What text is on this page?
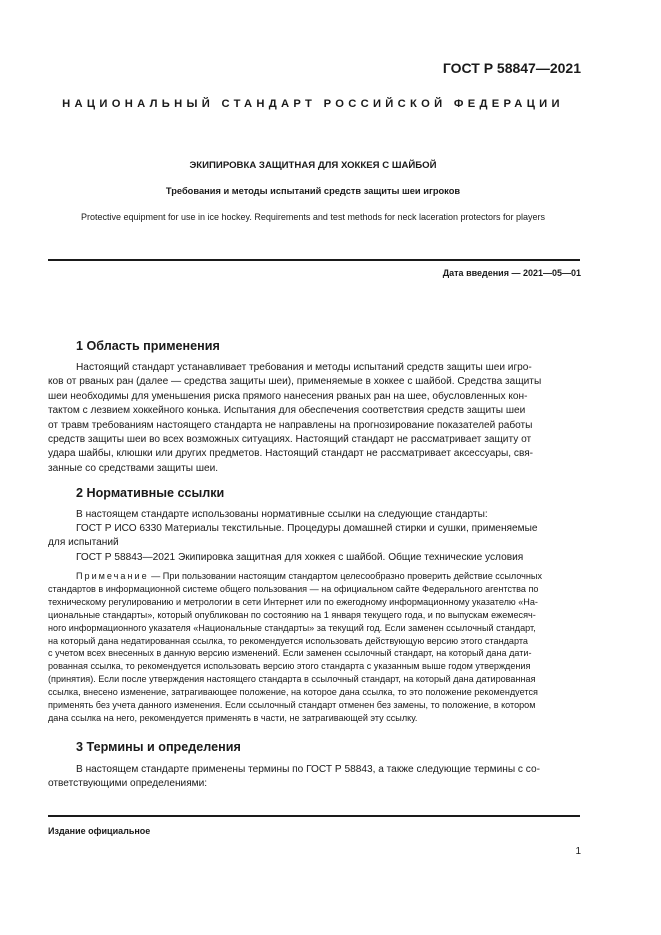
ГОСТ Р 58847—2021
НАЦИОНАЛЬНЫЙ СТАНДАРТ РОССИЙСКОЙ ФЕДЕРАЦИИ
ЭКИПИРОВКА ЗАЩИТНАЯ ДЛЯ ХОККЕЯ С ШАЙБОЙ
Требования и методы испытаний средств защиты шеи игроков
Protective equipment for use in ice hockey. Requirements and test methods for neck laceration protectors for players
Дата введения — 2021—05—01
1 Область применения
Настоящий стандарт устанавливает требования и методы испытаний средств защиты шеи игро-
ков от рваных ран (далее — средства защиты шеи), применяемые в хоккее с шайбой. Средства защиты
шеи необходимы для уменьшения риска прямого нанесения рваных ран на шее, обусловленных кон-
тактом с лезвием хоккейного конька. Испытания для обеспечения соответствия средств защиты шеи
от травм требованиям настоящего стандарта не направлены на прогнозирование показателей работы
средств защиты шеи во всех возможных ситуациях. Настоящий стандарт не рассматривает защиту от
удара шайбы, клюшки или других предметов. Настоящий стандарт не рассматривает аксессуары, свя-
занные со средствами защиты шеи.
2 Нормативные ссылки
В настоящем стандарте использованы нормативные ссылки на следующие стандарты:
ГОСТ Р ИСО 6330 Материалы текстильные. Процедуры домашней стирки и сушки, применяемые
для испытаний
ГОСТ Р 58843—2021 Экипировка защитная для хоккея с шайбой. Общие технические условия
Примечание — При пользовании настоящим стандартом целесообразно проверить действие ссылочных
стандартов в информационной системе общего пользования — на официальном сайте Федерального агентства по
техническому регулированию и метрологии в сети Интернет или по ежегодному информационному указателю «На-
циональные стандарты», который опубликован по состоянию на 1 января текущего года, и по выпускам ежемесяч-
ного информационного указателя «Национальные стандарты» за текущий год. Если заменен ссылочный стандарт,
на который дана недатированная ссылка, то рекомендуется использовать действующую версию этого стандарта
с учетом всех внесенных в данную версию изменений. Если заменен ссылочный стандарт, на который дана дати-
рованная ссылка, то рекомендуется использовать версию этого стандарта с указанным выше годом утверждения
(принятия). Если после утверждения настоящего стандарта в ссылочный стандарт, на который дана датированная
ссылка, внесено изменение, затрагивающее положение, на которое дана ссылка, то это положение рекомендуется
применять без учета данного изменения. Если ссылочный стандарт отменен без замены, то положение, в котором
дана ссылка на него, рекомендуется применять в части, не затрагивающей эту ссылку.
3 Термины и определения
В настоящем стандарте применены термины по ГОСТ Р 58843, а также следующие термины с со-
ответствующими определениями:
Издание официальное
1
